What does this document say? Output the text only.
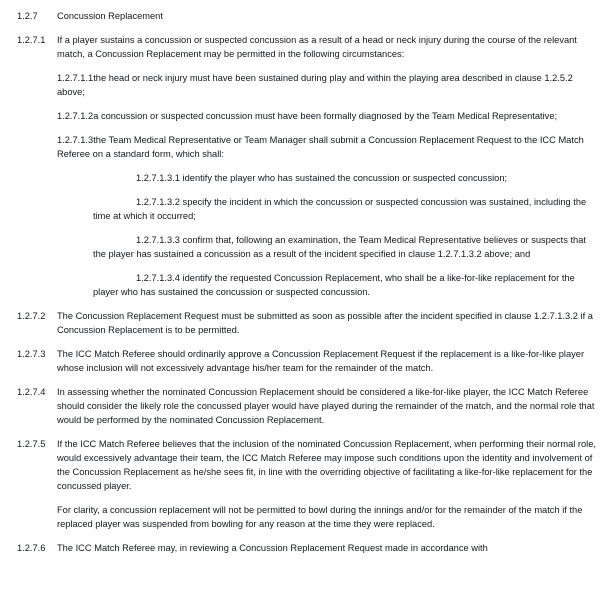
1.2.7	Concussion Replacement
1.2.7.1	If a player sustains a concussion or suspected concussion as a result of a head or neck injury during the course of the relevant match, a Concussion Replacement may be permitted in the following circumstances:
1.2.7.1.1the head or neck injury must have been sustained during play and within the playing area described in clause 1.2.5.2 above;
1.2.7.1.2a concussion or suspected concussion must have been formally diagnosed by the Team Medical Representative;
1.2.7.1.3the Team Medical Representative or Team Manager shall submit a Concussion Replacement Request to the ICC Match Referee on a standard form, which shall:
1.2.7.1.3.1 identify the player who has sustained the concussion or suspected concussion;
1.2.7.1.3.2 specify the incident in which the concussion or suspected concussion was sustained, including the time at which it occurred;
1.2.7.1.3.3 confirm that, following an examination, the Team Medical Representative believes or suspects that the player has sustained a concussion as a result of the incident specified in clause 1.2.7.1.3.2 above; and
1.2.7.1.3.4 identify the requested Concussion Replacement, who shall be a like-for-like replacement for the player who has sustained the concussion or suspected concussion.
1.2.7.2	The Concussion Replacement Request must be submitted as soon as possible after the incident specified in clause 1.2.7.1.3.2 if a Concussion Replacement is to be permitted.
1.2.7.3	The ICC Match Referee should ordinarily approve a Concussion Replacement Request if the replacement is a like-for-like player whose inclusion will not excessively advantage his/her team for the remainder of the match.
1.2.7.4	In assessing whether the nominated Concussion Replacement should be considered a like-for-like player, the ICC Match Referee should consider the likely role the concussed player would have played during the remainder of the match, and the normal role that would be performed by the nominated Concussion Replacement.
1.2.7.5	If the ICC Match Referee believes that the inclusion of the nominated Concussion Replacement, when performing their normal role, would excessively advantage their team, the ICC Match Referee may impose such conditions upon the identity and involvement of the Concussion Replacement as he/she sees fit, in line with the overriding objective of facilitating a like-for-like replacement for the concussed player.
For clarity, a concussion replacement will not be permitted to bowl during the innings and/or for the remainder of the match if the replaced player was suspended from bowling for any reason at the time they were replaced.
1.2.7.6	The ICC Match Referee may, in reviewing a Concussion Replacement Request made in accordance with
